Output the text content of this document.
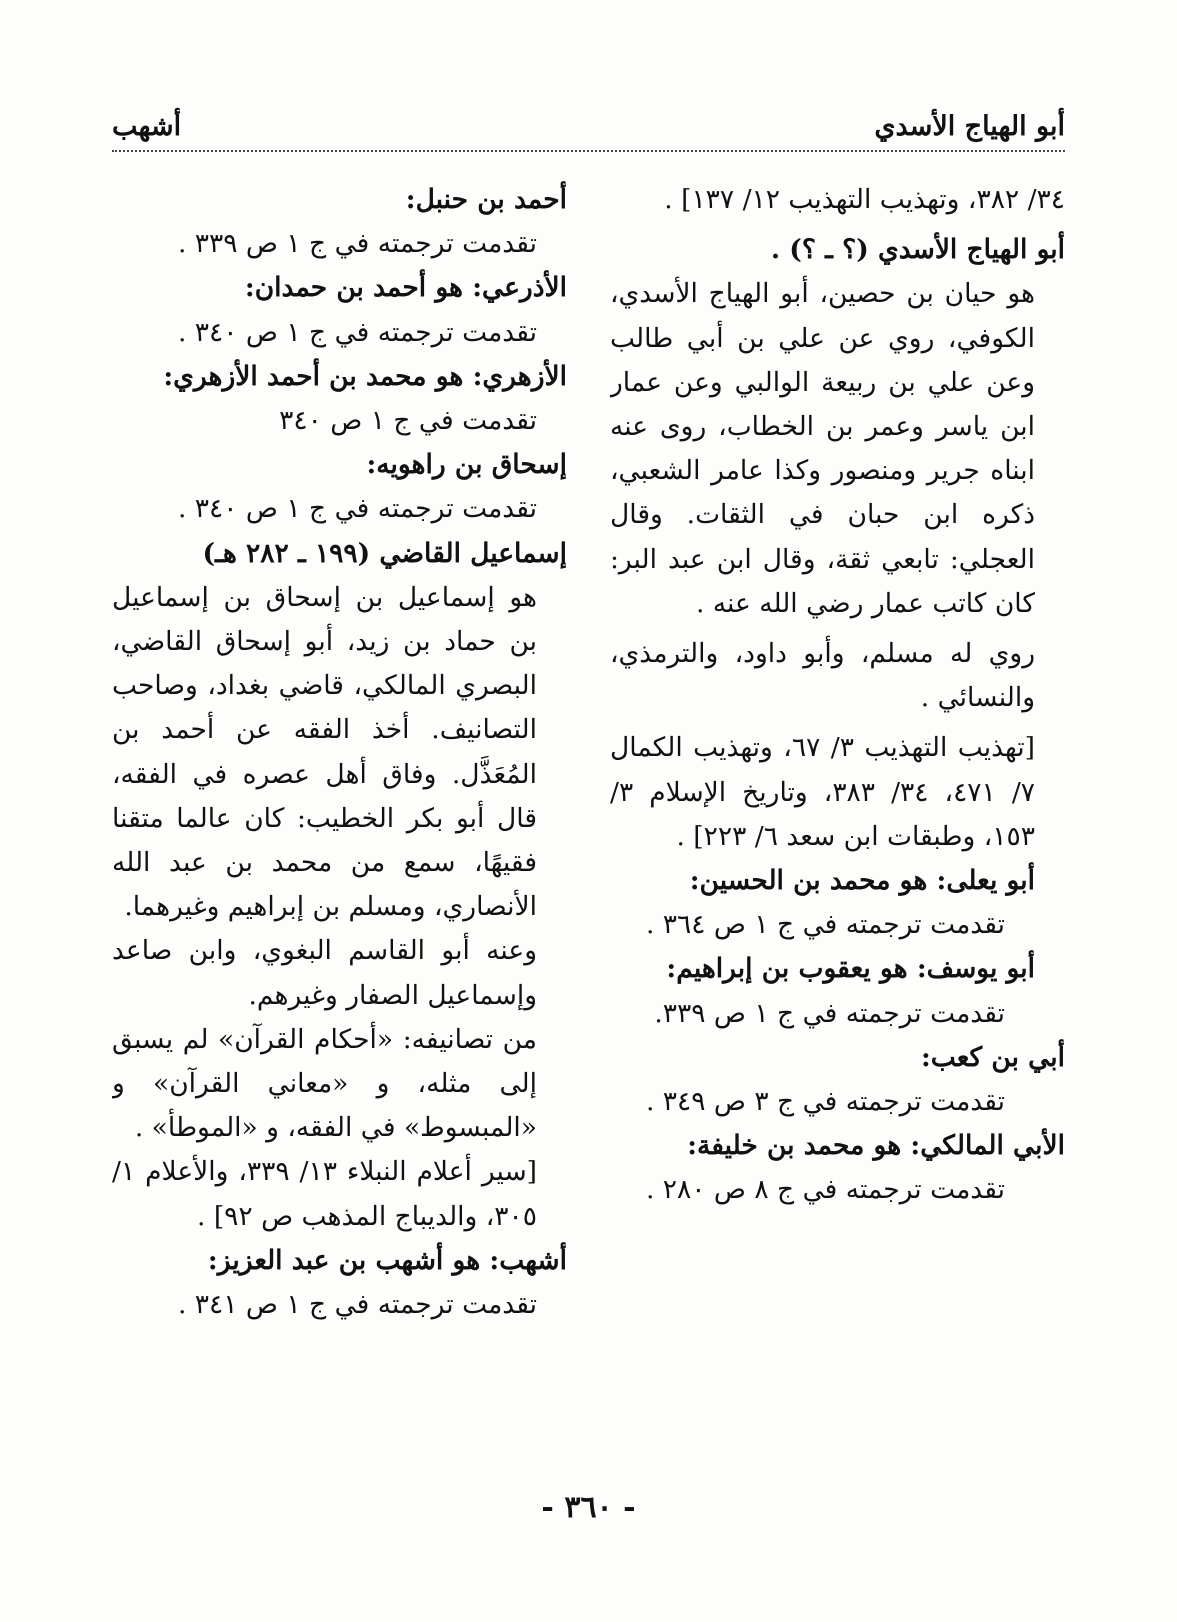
أبو الهياج الأسدي
أشهب

٣٤/ ٣٨٢، وتهذيب التهذيب ١٢/ ١٣٧] .

أبو الهياج الأسدي (؟ ـ ؟) .

هو حيان بن حصين، أبو الهياج الأسدي، الكوفي، روي عن علي بن أبي طالب وعن علي بن ربيعة الوالبي وعن عمار ابن ياسر وعمر بن الخطاب، روى عنه ابناه جرير ومنصور وكذا عامر الشعبي، ذكره ابن حبان في الثقات. وقال العجلي: تابعي ثقة، وقال ابن عبد البر: كان كاتب عمار رضي الله عنه .

روي له مسلم، وأبو داود، والترمذي، والنسائي .

[تهذيب التهذيب ٣/ ٦٧، وتهذيب الكمال ٧/ ٤٧١، ٣٤/ ٣٨٣، وتاريخ الإسلام ٣/ ١٥٣، وطبقات ابن سعد ٦/ ٢٢٣] .

أبو يعلى: هو محمد بن الحسين:

تقدمت ترجمته في ج ١ ص ٣٦٤ .

أبو يوسف: هو يعقوب بن إبراهيم:

تقدمت ترجمته في ج ١ ص ٣٣٩.

أبي بن كعب:

تقدمت ترجمته في ج ٣ ص ٣٤٩ .

الأبي المالكي: هو محمد بن خليفة:

تقدمت ترجمته في ج ٨ ص ٢٨٠ .

أحمد بن حنبل:

تقدمت ترجمته في ج ١ ص ٣٣٩ .

الأذرعي: هو أحمد بن حمدان:

تقدمت ترجمته في ج ١ ص ٣٤٠ .

الأزهري: هو محمد بن أحمد الأزهري:

تقدمت في ج ١ ص ٣٤٠

إسحاق بن راهويه:

تقدمت ترجمته في ج ١ ص ٣٤٠ .

إسماعيل القاضي (١٩٩ ـ ٢٨٢ هـ)

هو إسماعيل بن إسحاق بن إسماعيل بن حماد بن زيد، أبو إسحاق القاضي، البصري المالكي، قاضي بغداد، وصاحب التصانيف. أخذ الفقه عن أحمد بن المُعَذَّل. وفاق أهل عصره في الفقه، قال أبو بكر الخطيب: كان عالما متقنا فقيهًا، سمع من محمد بن عبد الله الأنصاري، ومسلم بن إبراهيم وغيرهما.

وعنه أبو القاسم البغوي، وابن صاعد وإسماعيل الصفار وغيرهم.

من تصانيفه: «أحكام القرآن» لم يسبق إلى مثله، و «معاني القرآن» و «المبسوط» في الفقه، و «الموطأ» .

[سير أعلام النبلاء ١٣/ ٣٣٩، والأعلام ١/ ٣٠٥، والديباج المذهب ص ٩٢] .

أشهب: هو أشهب بن عبد العزيز:

تقدمت ترجمته في ج ١ ص ٣٤١ .

- ٣٦٠ -
